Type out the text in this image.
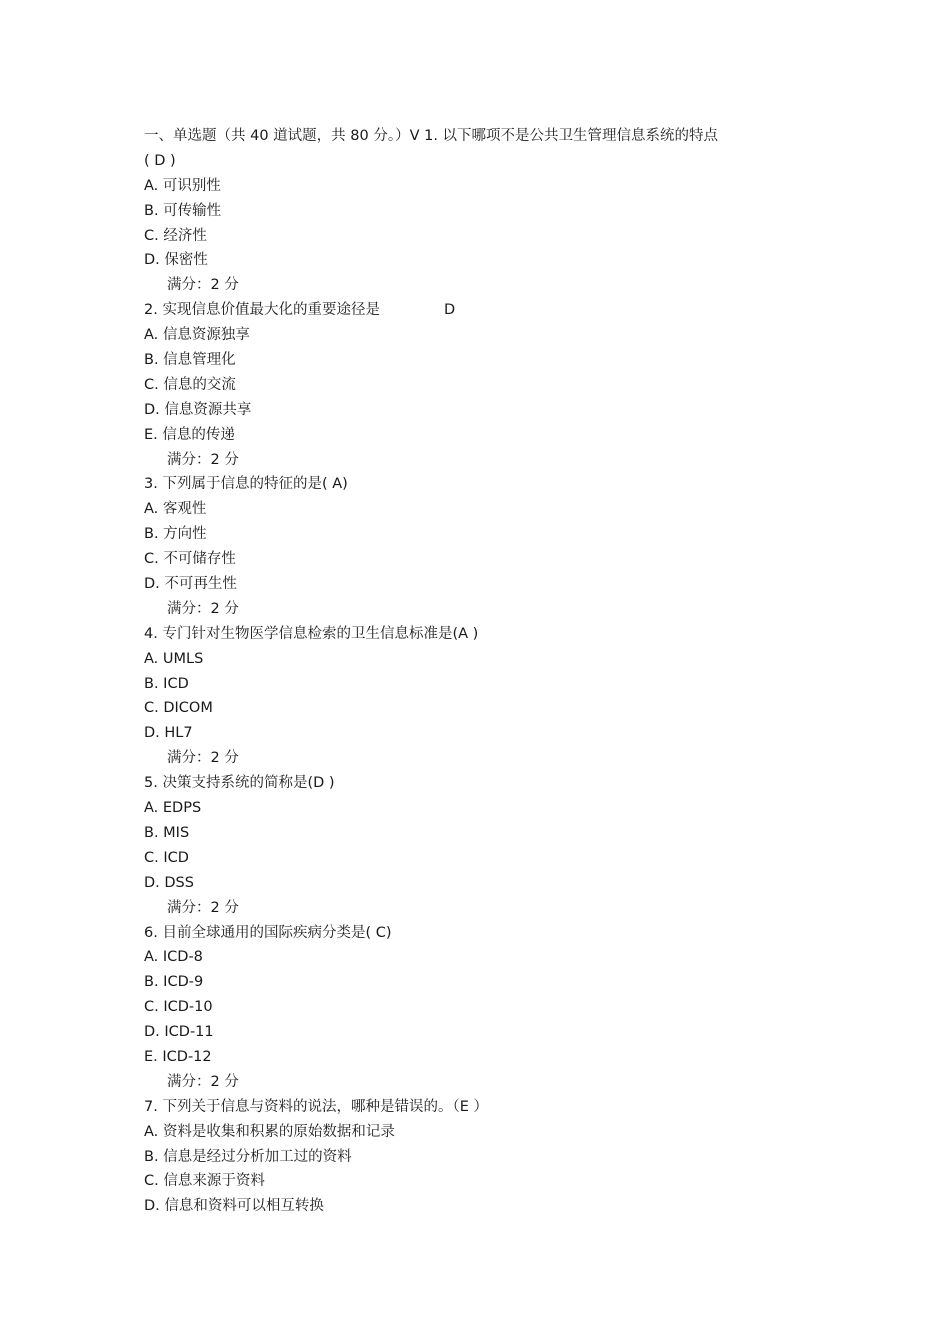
一、单选题（共 40 道试题，共 80 分。）V 1. 以下哪项不是公共卫生管理信息系统的特点
( D )
A. 可识别性
B. 可传输性
C. 经济性
D. 保密性
满分：2 分
2. 实现信息价值最大化的重要途径是	D
A. 信息资源独享
B. 信息管理化
C. 信息的交流
D. 信息资源共享
E. 信息的传递
满分：2 分
3. 下列属于信息的特征的是( A)
A. 客观性
B. 方向性
C. 不可储存性
D. 不可再生性
满分：2 分
4. 专门针对生物医学信息检索的卫生信息标准是(A )
A. UMLS
B. ICD
C. DICOM
D. HL7
满分：2 分
5. 决策支持系统的简称是(D )
A. EDPS
B. MIS
C. ICD
D. DSS
满分：2 分
6. 目前全球通用的国际疾病分类是( C)
A. ICD-8
B. ICD-9
C. ICD-10
D. ICD-11
E. ICD-12
满分：2 分
7. 下列关于信息与资料的说法，哪种是错误的。（E ）
A. 资料是收集和积累的原始数据和记录
B. 信息是经过分析加工过的资料
C. 信息来源于资料
D. 信息和资料可以相互转换
